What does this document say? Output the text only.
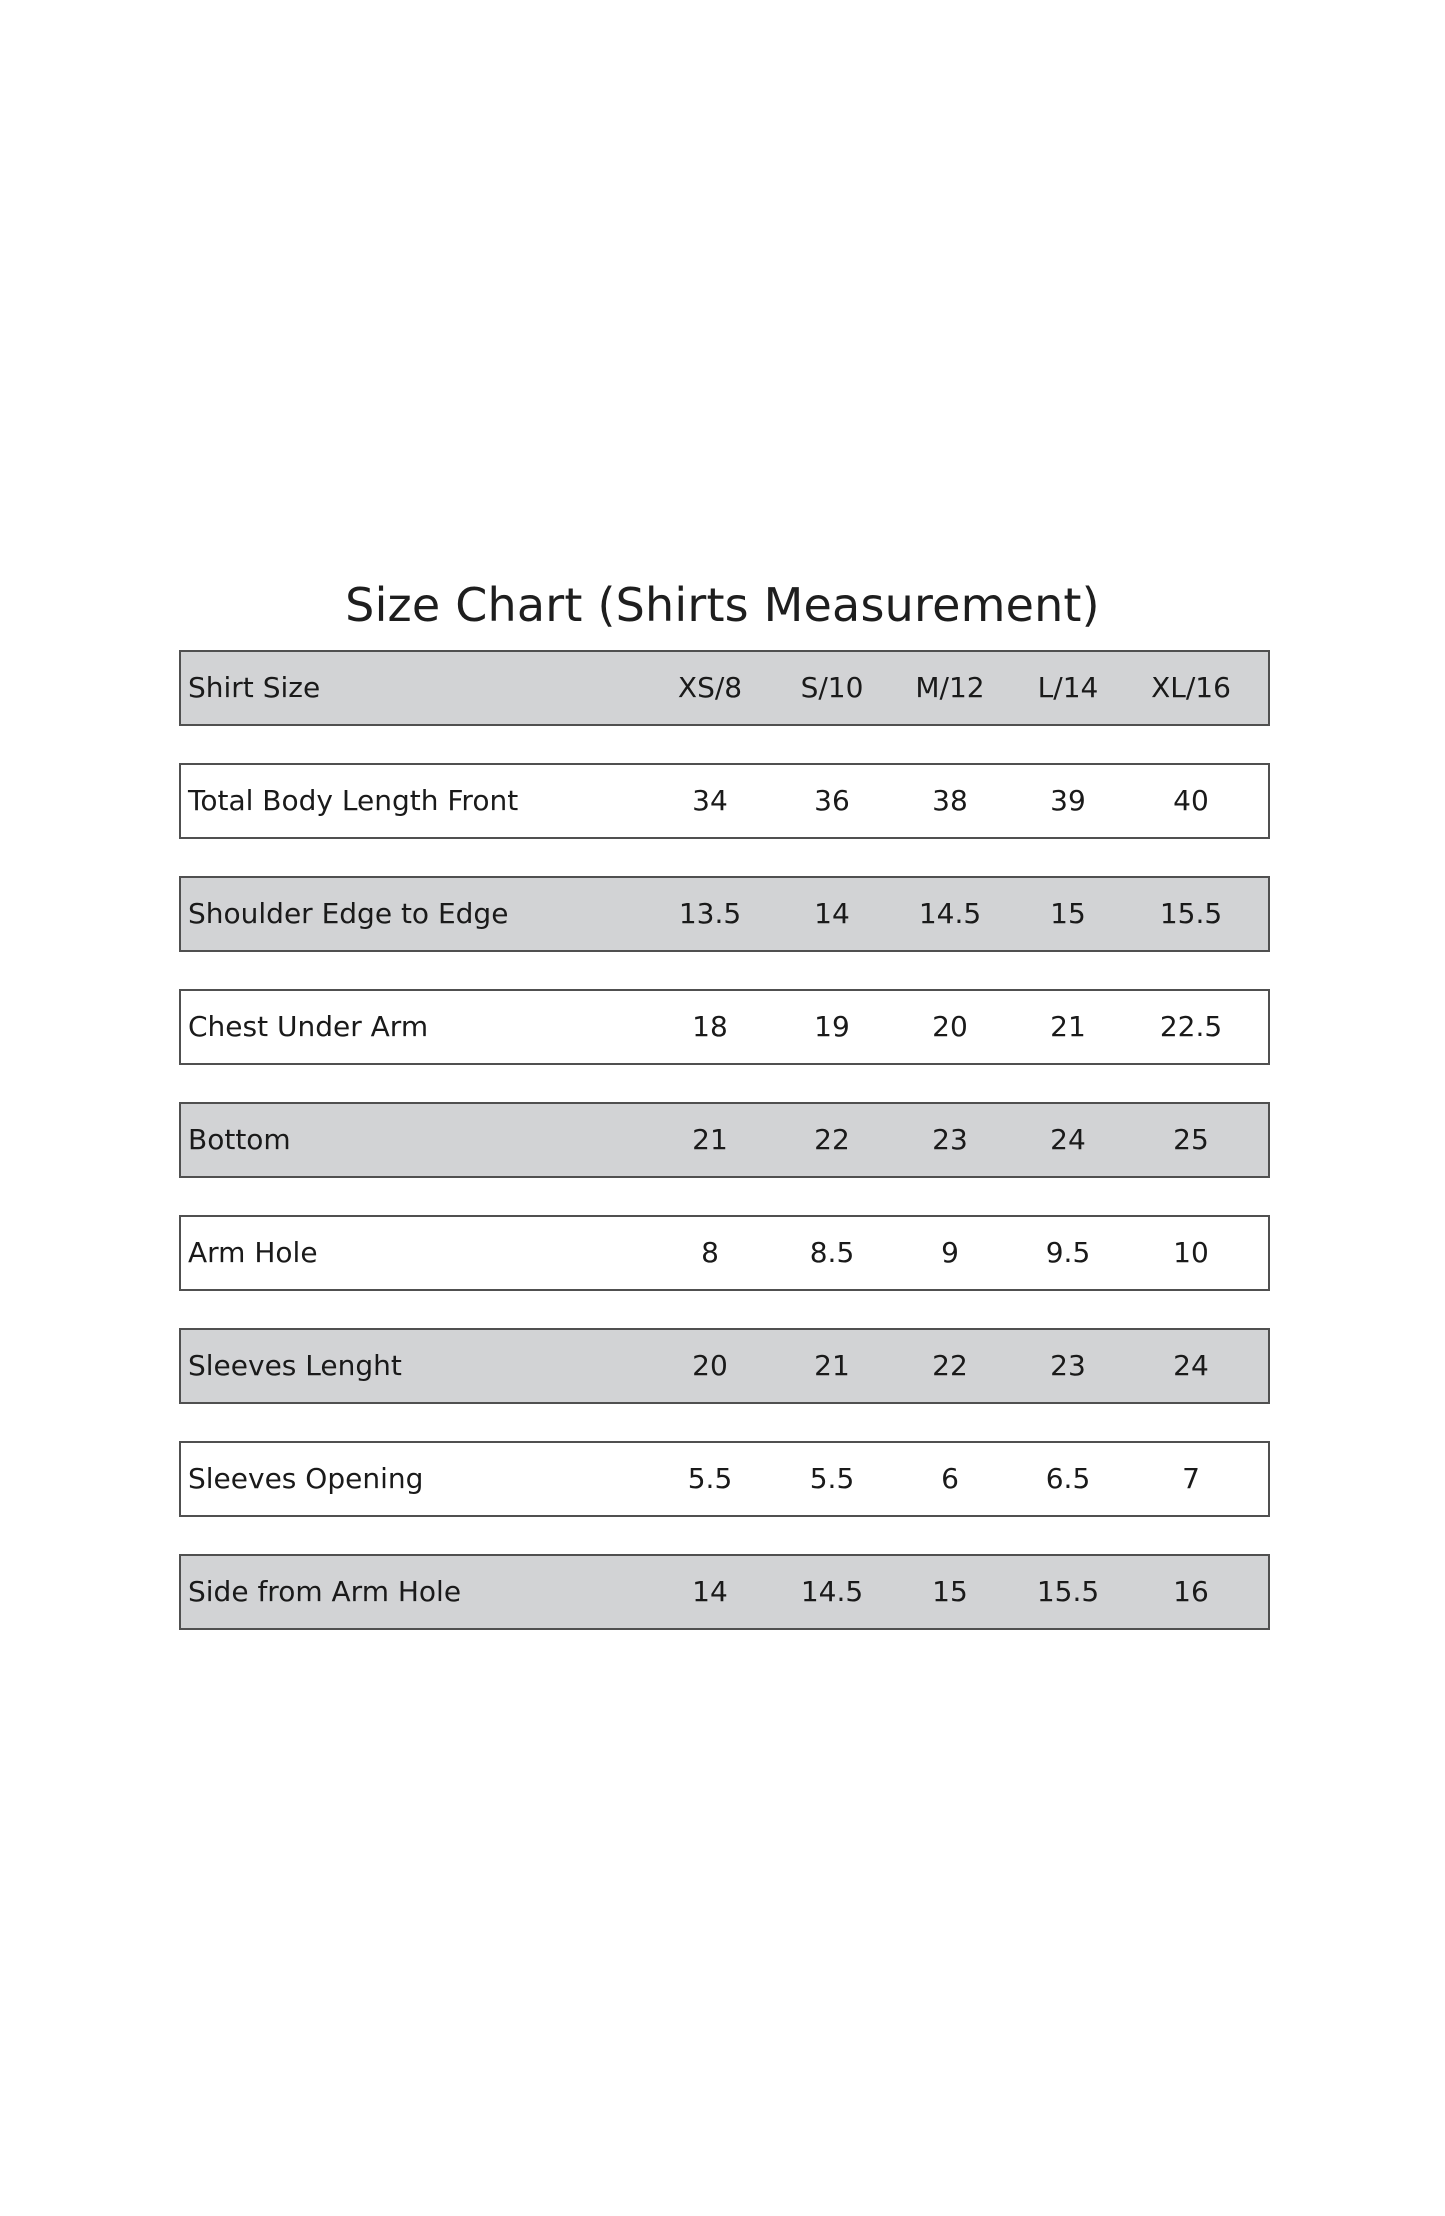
Size Chart (Shirts Measurement)
Shirt Size	XS/8	S/10	M/12	L/14	XL/16
Total Body Length Front	34	36	38	39	40
Shoulder Edge to Edge	13.5	14	14.5	15	15.5
Chest Under Arm	18	19	20	21	22.5
Bottom	21	22	23	24	25
Arm Hole	8	8.5	9	9.5	10
Sleeves Lenght	20	21	22	23	24
Sleeves Opening	5.5	5.5	6	6.5	7
Side from Arm Hole	14	14.5	15	15.5	16
